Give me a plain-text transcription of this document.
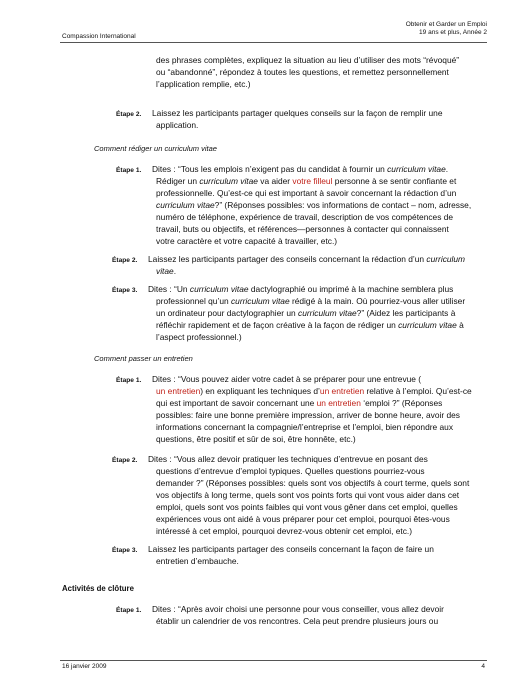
Compassion International
Obtenir et Garder un Emploi
19 ans et plus, Année 2
des phrases complètes, expliquez la situation au lieu d’utiliser des mots “révoqué”
ou “abandonné”, répondez à toutes les questions, et remettez personnellement
l’application remplie, etc.)
Étape 2. Laissez les participants partager quelques conseils sur la façon de remplir une
application.
Comment rédiger un curriculum vitae
Étape 1. Dites : “Tous les emplois n’exigent pas du candidat à fournir un curriculum vitae.
Rédiger un curriculum vitae va aider votre filleul personne à se sentir confiante et
professionnelle. Qu’est-ce qui est important à savoir concernant la rédaction d’un
curriculum vitae?” (Réponses possibles: vos informations de contact – nom, adresse,
numéro de téléphone, expérience de travail, description de vos compétences de
travail, buts ou objectifs, et références—personnes à contacter qui connaissent
votre caractère et votre capacité à travailler, etc.)
Étape 2. Laissez les participants partager des conseils concernant la rédaction d’un curriculum
vitae.
Étape 3. Dites : “Un curriculum vitae dactylographié ou imprimé à la machine semblera plus
professionnel qu’un curriculum vitae rédigé à la main. Où pourriez-vous aller utiliser
un ordinateur pour dactylographier un curriculum vitae?” (Aidez les participants à
réfléchir rapidement et de façon créative à la façon de rédiger un curriculum vitae à
l’aspect professionnel.)
Comment passer un entretien
Étape 1. Dites : “Vous pouvez aider votre cadet à se préparer pour une entrevue (
un entretien) en expliquant les techniques d’un entretien relative à l’emploi. Qu’est-ce
qui est important de savoir concernant une un entretien ‘emploi ?” (Réponses
possibles: faire une bonne première impression, arriver de bonne heure, avoir des
informations concernant la compagnie/l’entreprise et l’emploi, bien répondre aux
questions, être positif et sûr de soi, être honnête, etc.)
Étape 2. Dites : “Vous allez devoir pratiquer les techniques d’entrevue en posant des
questions d’entrevue d’emploi typiques. Quelles questions pourriez-vous
demander ?” (Réponses possibles: quels sont vos objectifs à court terme, quels sont
vos objectifs à long terme, quels sont vos points forts qui vont vous aider dans cet
emploi, quels sont vos points faibles qui vont vous gêner dans cet emploi, quelles
expériences vous ont aidé à vous préparer pour cet emploi, pourquoi êtes-vous
intéressé à cet emploi, pourquoi devrez-vous obtenir cet emploi, etc.)
Étape 3. Laissez les participants partager des conseils concernant la façon de faire un
entretien d’embauche.
Activités de clôture
Étape 1. Dites : “Après avoir choisi une personne pour vous conseiller, vous allez devoir
établir un calendrier de vos rencontres. Cela peut prendre plusieurs jours ou
16 janvier 2009	4
